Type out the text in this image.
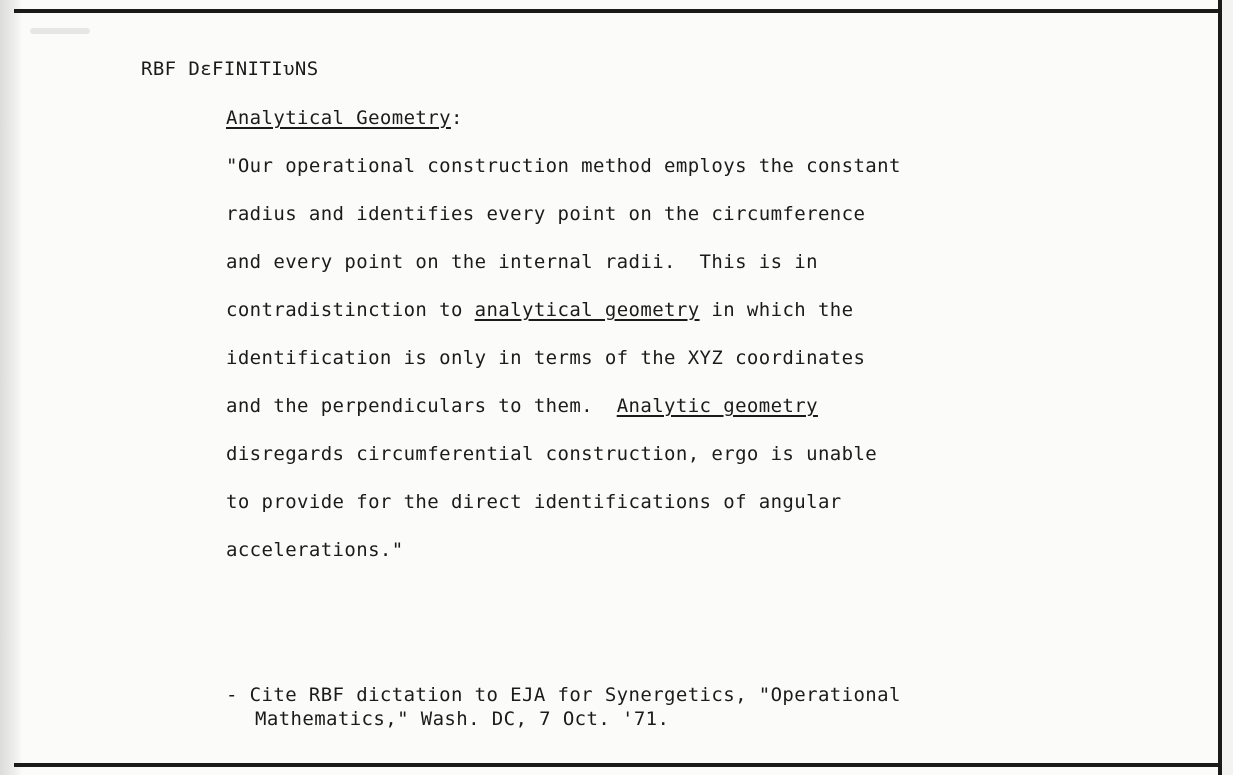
RBF DεFINITIυNS
Analytical Geometry:
"Our operational construction method employs the constant
radius and identifies every point on the circumference
and every point on the internal radii.  This is in
contradistinction to analytical geometry in which the
identification is only in terms of the XYZ coordinates
and the perpendiculars to them.  Analytic geometry
disregards circumferential construction, ergo is unable
to provide for the direct identifications of angular
accelerations."
- Cite RBF dictation to EJA for Synergetics, "Operational
Mathematics," Wash. DC, 7 Oct. '71.
